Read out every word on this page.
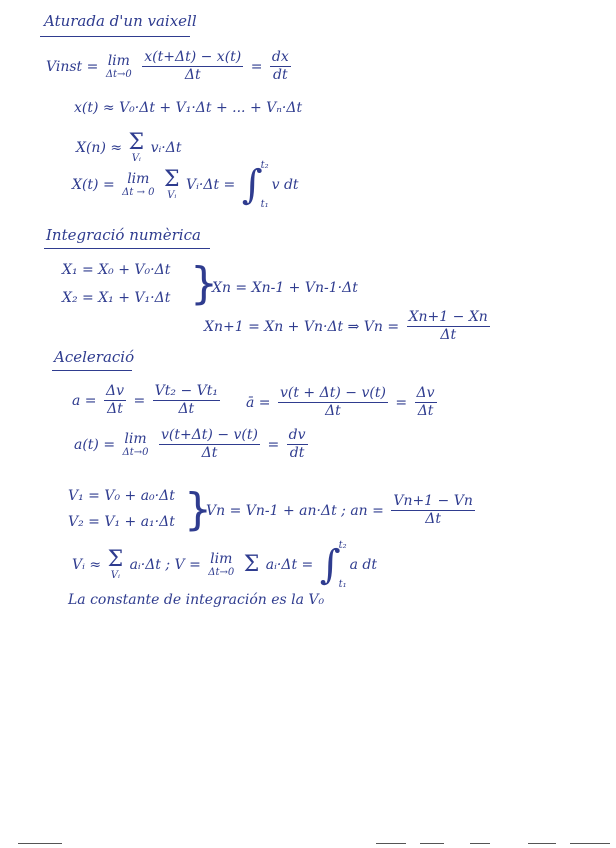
Aturada d'un vaixell
Vinst = lim
Δt→0
$\frac{x(t+\Delta t) - x(t)}{\Delta t} = \frac{dx}{dt}$
x(t) ≈ V₀·Δt + V₁·Δt + ... + Vₙ·Δt
X(n) ≈ Σ
Vᵢ
vᵢ·Δt
X(t) = lim
Δt → 0

Σ
Vᵢ
Vᵢ·Δt = ∫
t₂
t₁
v dt
Integració numèrica
X₁ = X₀ + V₀·Δt
X₂ = X₁ + V₁·Δt }
Xn = Xn-1 + Vn-1·Δt
Xn+1 = Xn + Vn·Δt ⇒ $Vn = \frac{Xn+1 - Xn}{\Delta t}$
Aceleració
$a = \frac{\Delta v}{\Delta t} = \frac{\text{Vt₂ − Vt₁}}{\Delta t}$ ā = $\frac{v(t + \Delta t) - v(t)}{\Delta t} = \frac{\Delta v}{\Delta t}$
a(t) = lim
Δt→0
$\frac{v(t+\Delta t) - v(t)}{\Delta t} = \frac{dv}{dt}$
V₁ = V₀ + a₀·Δt
V₂ = V₁ + a₁·Δt }
Vn = Vn-1 + an·Δt ; an = $\frac{Vn+1 - Vn}{\Delta t}$
Vᵢ ≈ Σ
Vᵢ
aᵢ·Δt ; V = lim
Δt→0
Σ aᵢ·Δt = ∫
t₂
t₁
a dt
La constante de integración es la V₀
